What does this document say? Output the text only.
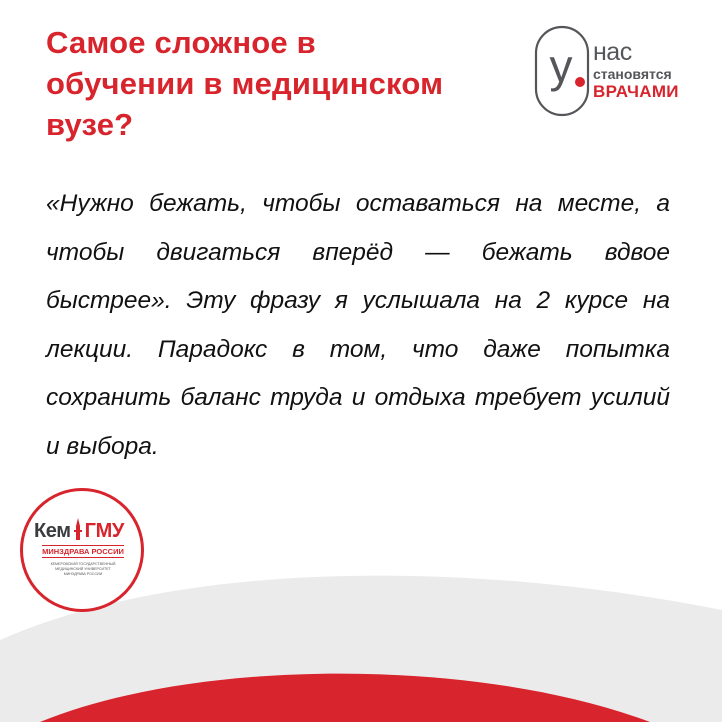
Самое сложное в
обучении в медицинском
вузе?
у нас
становятся
ВРАЧАМИ

«Нужно бежать, чтобы оставаться на месте, а чтобы двигаться вперёд — бежать вдвое быстрее». Эту фразу я услышала на 2 курсе на лекции. Парадокс в том, что даже попытка сохранить баланс труда и отдыха требует усилий и выбора.

Кем ГМУ
МИНЗДРАВА РОССИИ
КЕМЕРОВСКИЙ ГОСУДАРСТВЕННЫЙ МЕДИЦИНСКИЙ УНИВЕРСИТЕТ МИНЗДРАВА РОССИИ
